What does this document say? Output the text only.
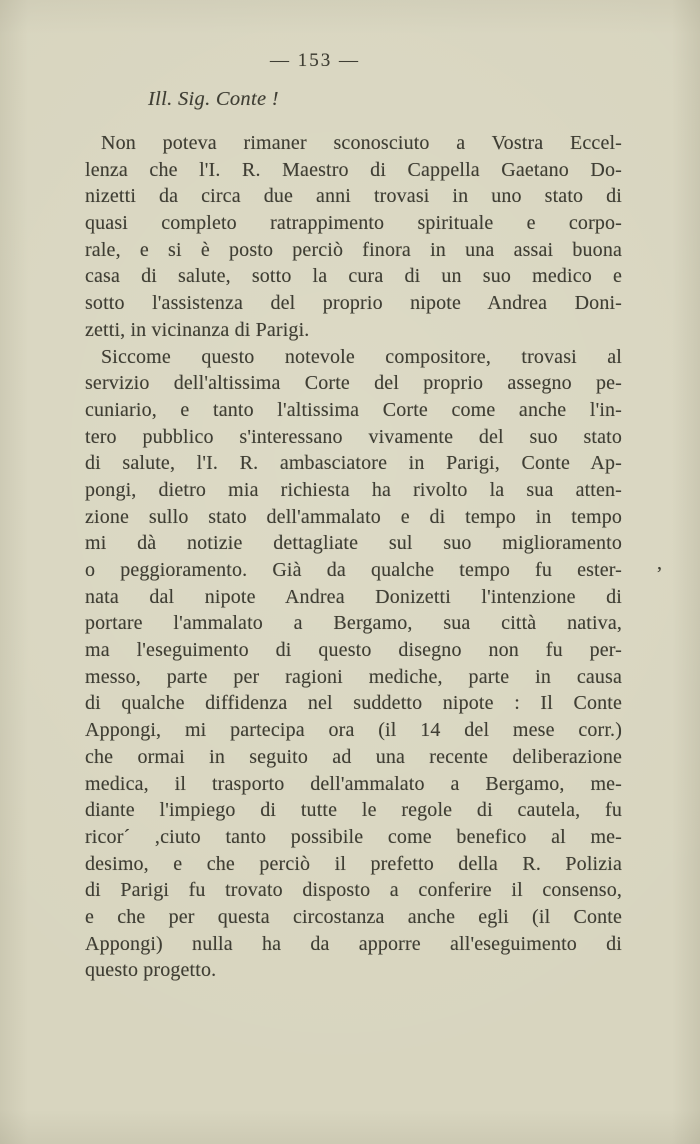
— 153 —
Ill. Sig. Conte !
Non poteva rimaner sconosciuto a Vostra Eccel-
lenza che l'I. R. Maestro di Cappella Gaetano Do-
nizetti da circa due anni trovasi in uno stato di
quasi completo ratrappimento spirituale e corpo-
rale, e si è posto perciò finora in una assai buona
casa di salute, sotto la cura di un suo medico e
sotto l'assistenza del proprio nipote Andrea Doni-
zetti, in vicinanza di Parigi.
Siccome questo notevole compositore, trovasi al
servizio dell'altissima Corte del proprio assegno pe-
cuniario, e tanto l'altissima Corte come anche l'in-
tero pubblico s'interessano vivamente del suo stato
di salute, l'I. R. ambasciatore in Parigi, Conte Ap-
pongi, dietro mia richiesta ha rivolto la sua atten-
zione sullo stato dell'ammalato e di tempo in tempo
mi dà notizie dettagliate sul suo miglioramento
o peggioramento. Già da qualche tempo fu ester-
nata dal nipote Andrea Donizetti l'intenzione di
portare l'ammalato a Bergamo, sua città nativa,
ma l'eseguimento di questo disegno non fu per-
messo, parte per ragioni mediche, parte in causa
di qualche diffidenza nel suddetto nipote : Il Conte
Appongi, mi partecipa ora (il 14 del mese corr.)
che ormai in seguito ad una recente deliberazione
medica, il trasporto dell'ammalato a Bergamo, me-
diante l'impiego di tutte le regole di cautela, fu
ricor´ ,ciuto tanto possibile come benefico al me-
desimo, e che perciò il prefetto della R. Polizia
di Parigi fu trovato disposto a conferire il consenso,
e che per questa circostanza anche egli (il Conte
Appongi) nulla ha da apporre all'eseguimento di
questo progetto.
,
